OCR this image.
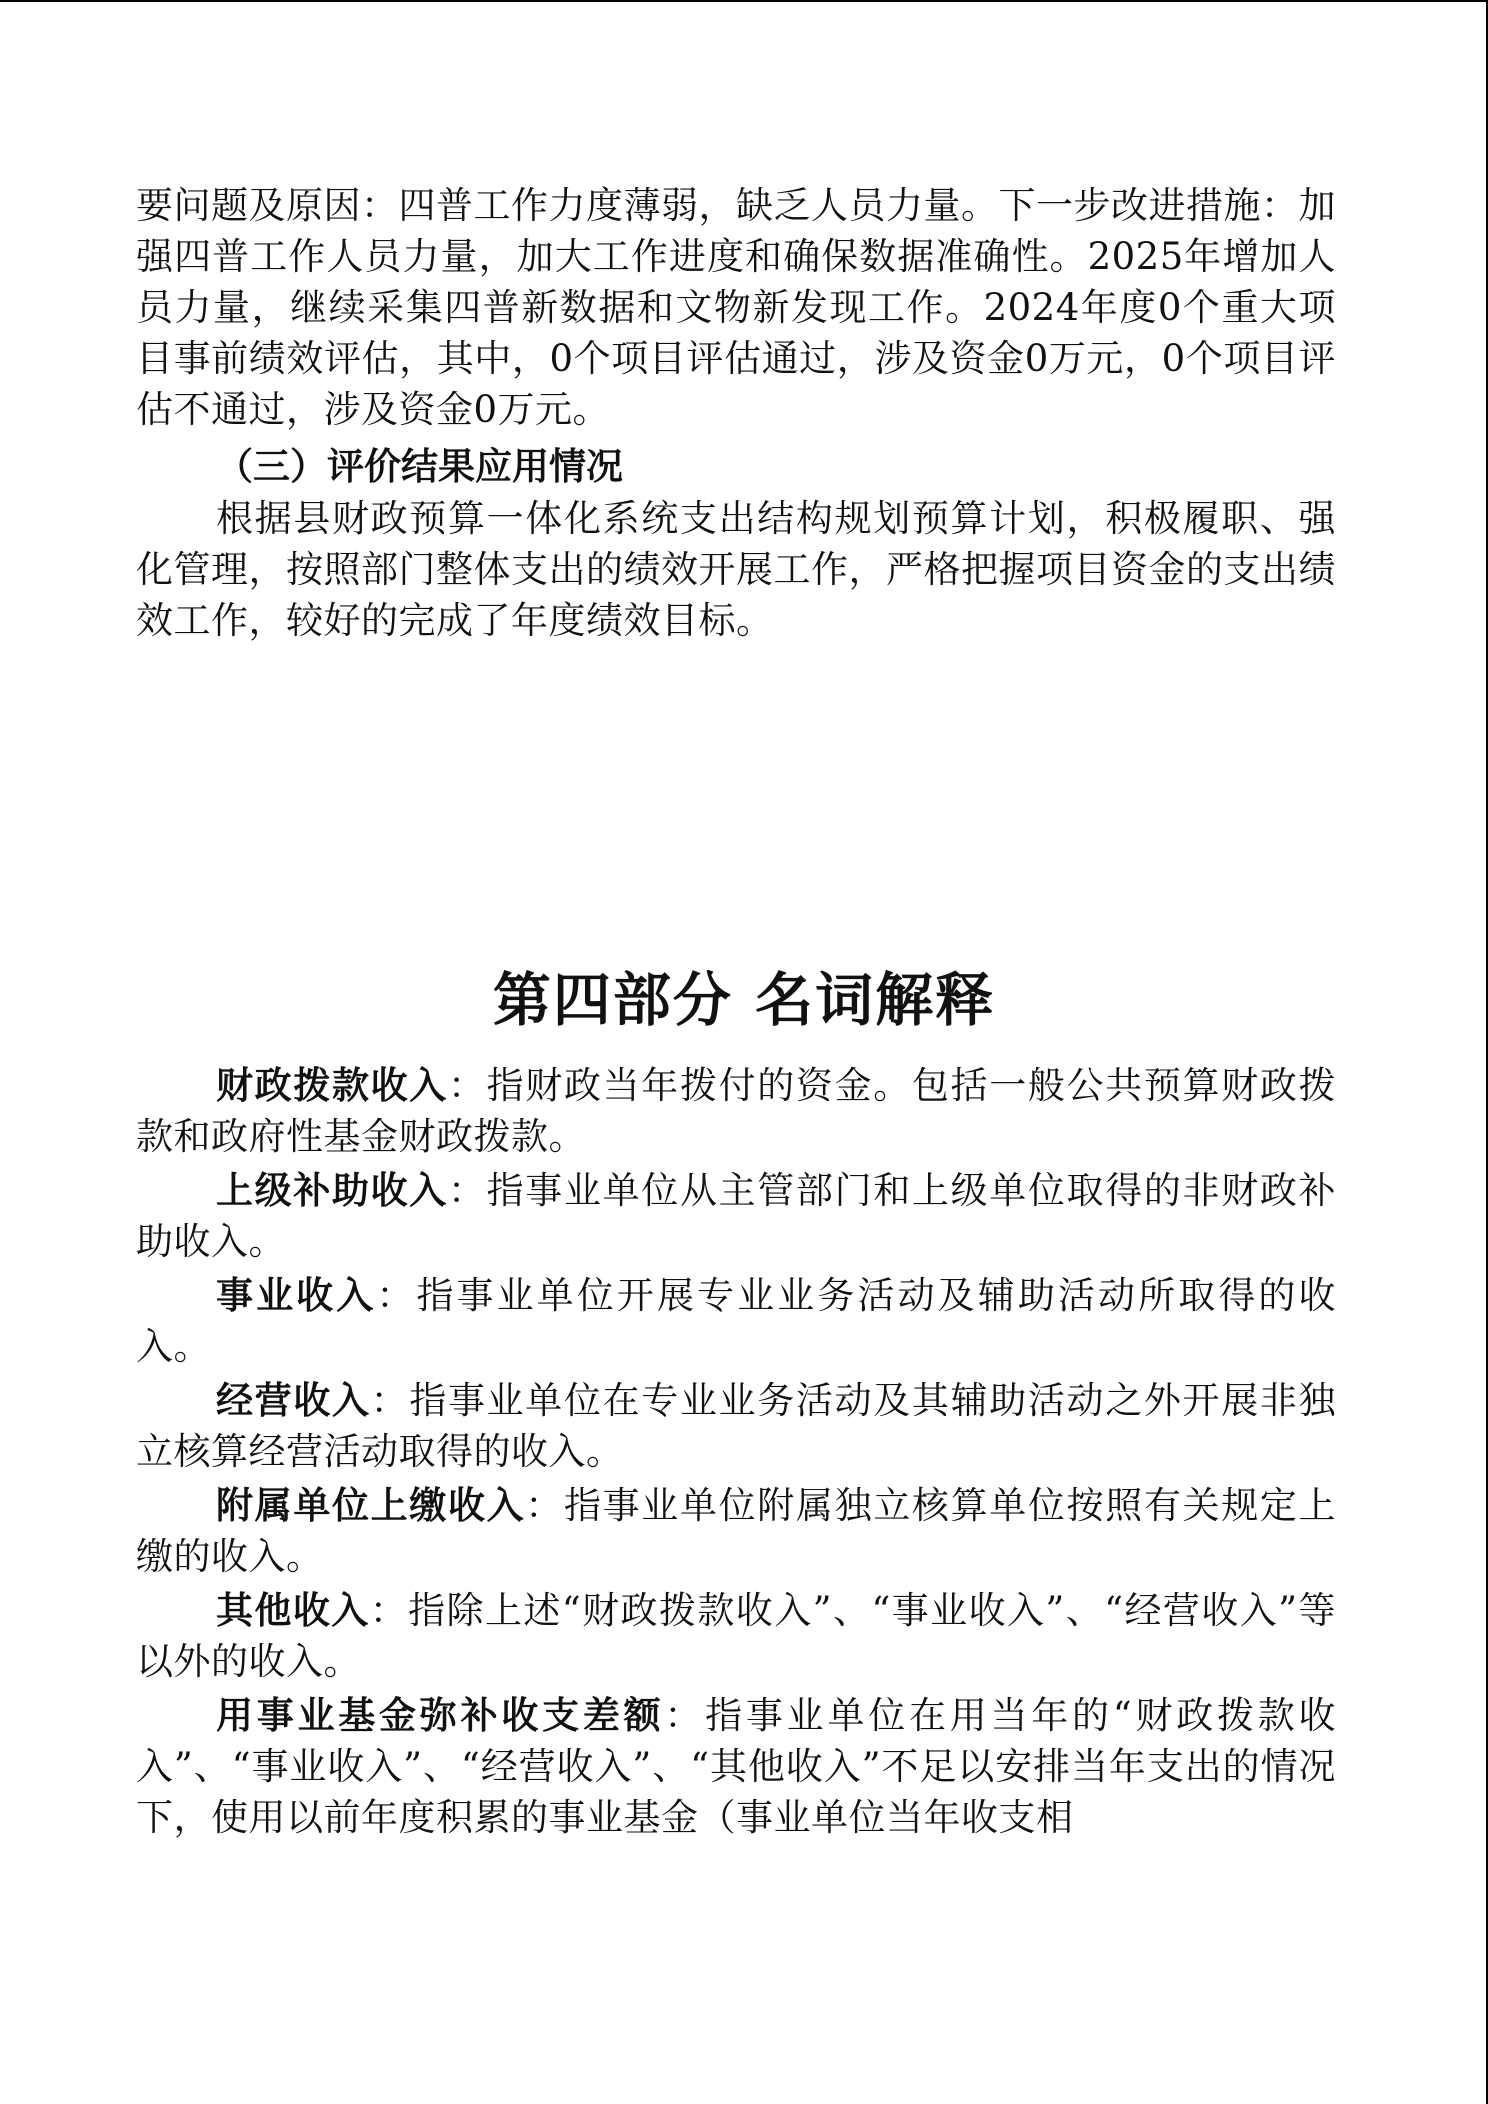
要问题及原因：四普工作力度薄弱，缺乏人员力量。下一步改进措施：加强四普工作人员力量，加大工作进度和确保数据准确性。2025年增加人员力量，继续采集四普新数据和文物新发现工作。2024年度0个重大项目事前绩效评估，其中，0个项目评估通过，涉及资金0万元，0个项目评估不通过，涉及资金0万元。
（三）评价结果应用情况
根据县财政预算一体化系统支出结构规划预算计划，积极履职、强化管理，按照部门整体支出的绩效开展工作，严格把握项目资金的支出绩效工作，较好的完成了年度绩效目标。
第四部分 名词解释

财政拨款收入：指财政当年拨付的资金。包括一般公共预算财政拨款和政府性基金财政拨款。

上级补助收入：指事业单位从主管部门和上级单位取得的非财政补助收入。

事业收入：指事业单位开展专业业务活动及辅助活动所取得的收入。

经营收入：指事业单位在专业业务活动及其辅助活动之外开展非独立核算经营活动取得的收入。

附属单位上缴收入：指事业单位附属独立核算单位按照有关规定上缴的收入。

其他收入：指除上述“财政拨款收入”、“事业收入”、“经营收入”等以外的收入。

用事业基金弥补收支差额：指事业单位在用当年的“财政拨款收入”、“事业收入”、“经营收入”、“其他收入”不足以安排当年支出的情况下，使用以前年度积累的事业基金（事业单位当年收支相
